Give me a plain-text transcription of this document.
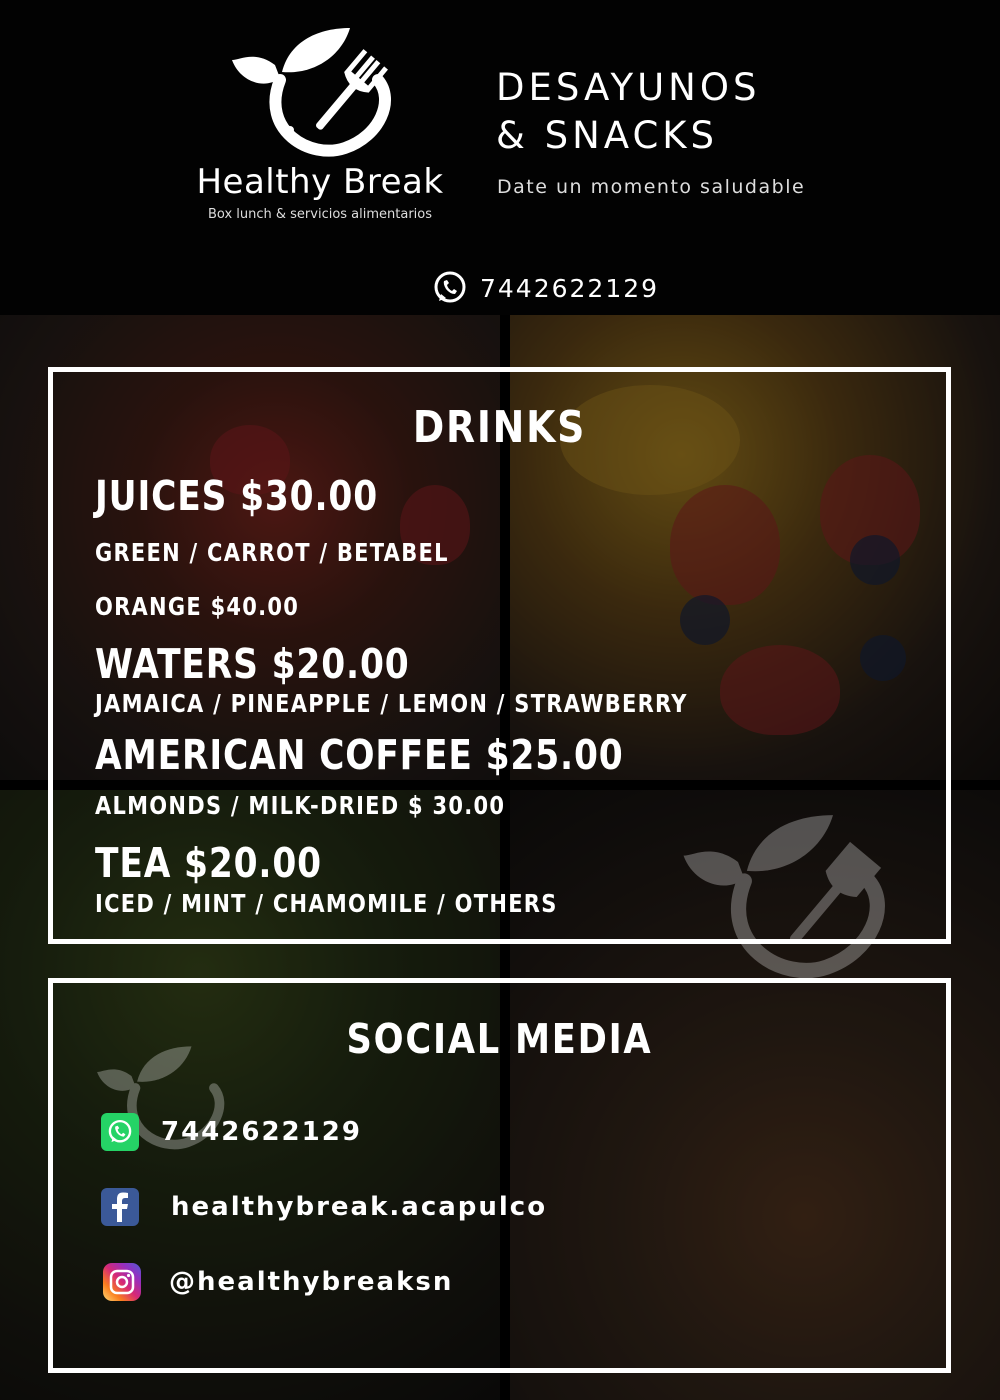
Healthy Break
Box lunch & servicios alimentarios
DESAYUNOS
& SNACKS
Date un momento saludable
7442622129
DRINKS
JUICES $30.00
GREEN / CARROT / BETABEL
ORANGE $40.00
WATERS $20.00
JAMAICA / PINEAPPLE / LEMON / STRAWBERRY
AMERICAN COFFEE $25.00
ALMONDS / MILK-DRIED $ 30.00
TEA $20.00
ICED / MINT / CHAMOMILE / OTHERS
SOCIAL MEDIA
7442622129
healthybreak.acapulco
@healthybreaksn
